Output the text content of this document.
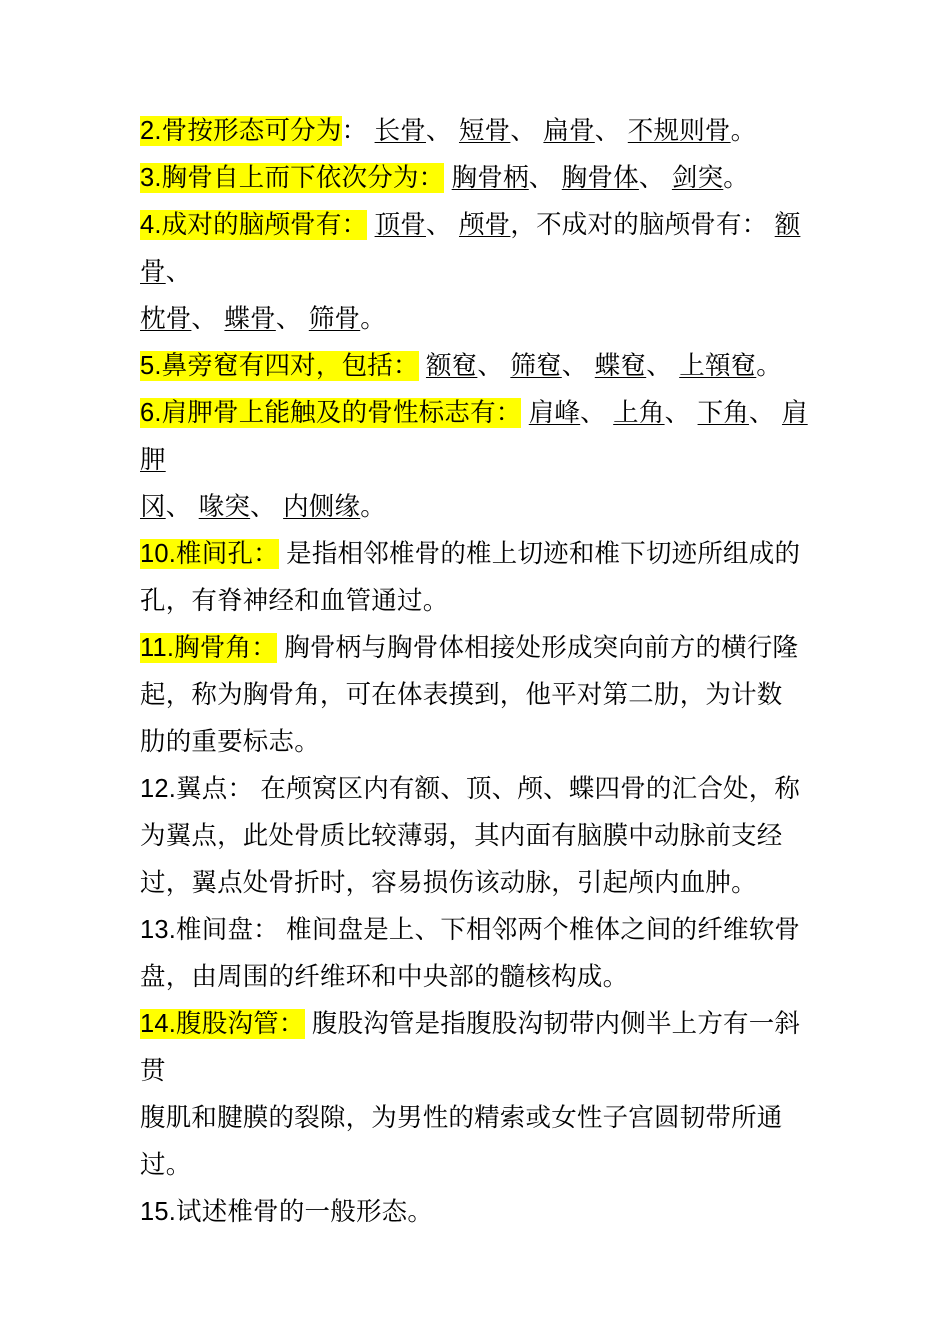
2.骨按形态可分为： 长骨、 短骨、 扁骨、 不规则骨。

3.胸骨自上而下依次分为： 胸骨柄、 胸骨体、 剑突。

4.成对的脑颅骨有： 顶骨、 颅骨，不成对的脑颅骨有： 额骨、
枕骨、 蝶骨、 筛骨。

5.鼻旁窇有四对，包括： 额窇、 筛窇、 蝶窇、 上顇窇。

6.肩胛骨上能触及的骨性标志有： 肩峰、 上角、 下角、 肩胛
冈、 喙突、 内侧缘。

10.椎间孔： 是指相邻椎骨的椎上切迹和椎下切迹所组成的
孔，有脊神经和血管通过。

11.胸骨角： 胸骨柄与胸骨体相接处形成突向前方的横行隆
起，称为胸骨角，可在体表摸到，他平对第二肋，为计数
肋的重要标志。

12.翼点： 在颅窝区内有额、顶、颅、蝶四骨的汇合处，称
为翼点，此处骨质比较薄弱，其内面有脑膜中动脉前支经
过，翼点处骨折时，容易损伤该动脉，引起颅内血肿。

13.椎间盘： 椎间盘是上、下相邻两个椎体之间的纤维软骨
盘，由周围的纤维环和中央部的髓核构成。

14.腹股沟管： 腹股沟管是指腹股沟韧带内侧半上方有一斜
贯

腹肌和腱膜的裂隙，为男性的精索或女性子宫圆韧带所通
过。

15.试述椎骨的一般形态。
